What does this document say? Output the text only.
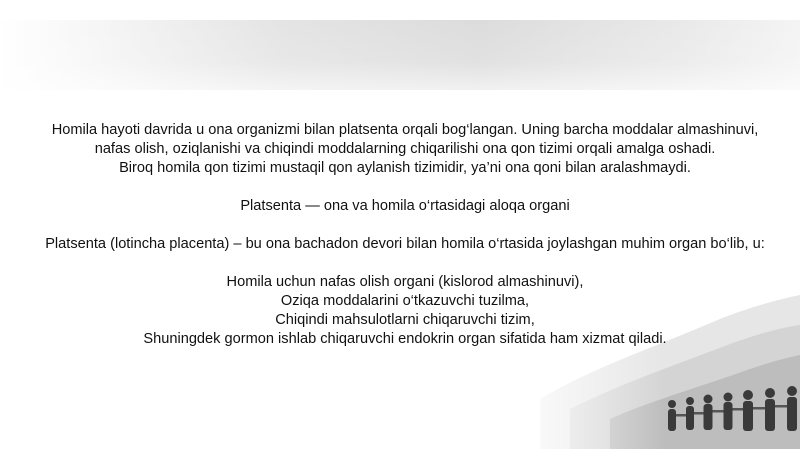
Homila hayoti davrida u ona organizmi bilan platsenta orqali bog‘langan. Uning barcha moddalar almashinuvi, nafas olish, oziqlanishi va chiqindi moddalarning chiqarilishi ona qon tizimi orqali amalga oshadi.

Biroq homila qon tizimi mustaqil qon aylanish tizimidir, ya’ni ona qoni bilan aralashmaydi.

Platsenta — ona va homila o‘rtasidagi aloqa organi

Platsenta (lotincha placenta) – bu ona bachadon devori bilan homila o‘rtasida joylashgan muhim organ bo‘lib, u:

Homila uchun nafas olish organi (kislorod almashinuvi),

Oziqa moddalarini o‘tkazuvchi tuzilma,

Chiqindi mahsulotlarni chiqaruvchi tizim,

Shuningdek gormon ishlab chiqaruvchi endokrin organ sifatida ham xizmat qiladi.
